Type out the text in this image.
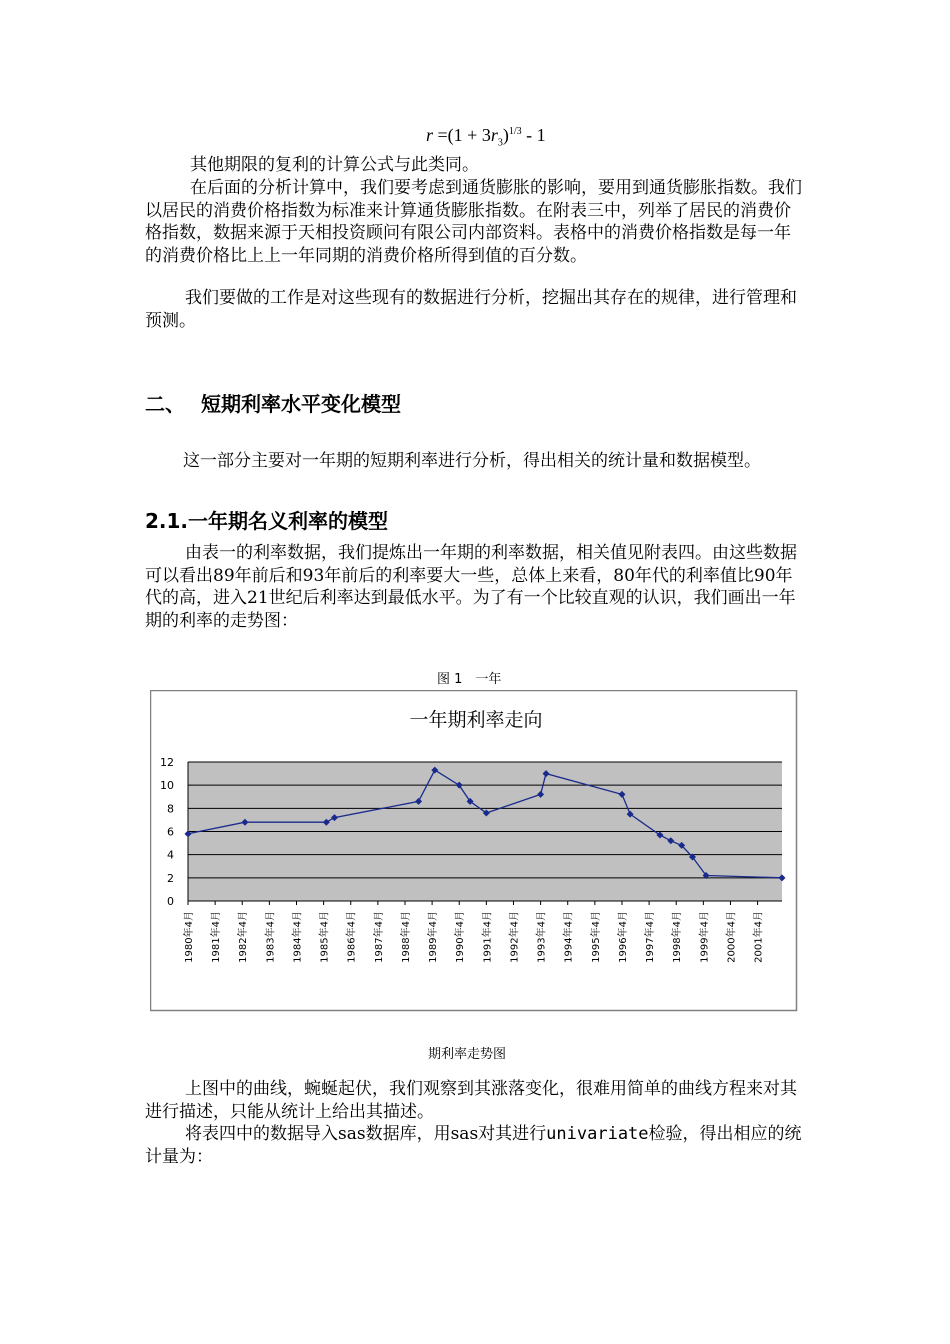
$r =(1 + 3r_3)^{1/3} - 1$

其他期限的复利的计算公式与此类同。

在后面的分析计算中，我们要考虑到通货膨胀的影响，要用到通货膨胀指数。我们以居民的消费价格指数为标准来计算通货膨胀指数。在附表三中，列举了居民的消费价格指数，数据来源于天相投资顾问有限公司内部资料。表格中的消费价格指数是每一年的消费价格比上上一年同期的消费价格所得到值的百分数。

我们要做的工作是对这些现有的数据进行分析，挖掘出其存在的规律，进行管理和预测。

二、 短期利率水平变化模型

这一部分主要对一年期的短期利率进行分析，得出相关的统计量和数据模型。

2.1.一年期名义利率的模型

由表一的利率数据，我们提炼出一年期的利率数据，相关值见附表四。由这些数据可以看出89年前后和93年前后的利率要大一些，总体上来看，80年代的利率值比90年代的高，进入21世纪后利率达到最低水平。为了有一个比较直观的认识，我们画出一年期的利率的走势图：

图 1　一年
一年期利率走向
0
2
4
6
8
10
12
1980年4月 1981年4月 1982年4月 1983年4月 1984年4月 1985年4月 1986年4月 1987年4月 1988年4月 1989年4月 1990年4月 1991年4月 1992年4月 1993年4月 1994年4月 1995年4月 1996年4月 1997年4月 1998年4月 1999年4月 2000年4月 2001年4月
期利率走势图

上图中的曲线，蜿蜒起伏，我们观察到其涨落变化，很难用简单的曲线方程来对其进行描述，只能从统计上给出其描述。

将表四中的数据导入sas数据库，用sas对其进行univariate检验，得出相应的统计量为：
